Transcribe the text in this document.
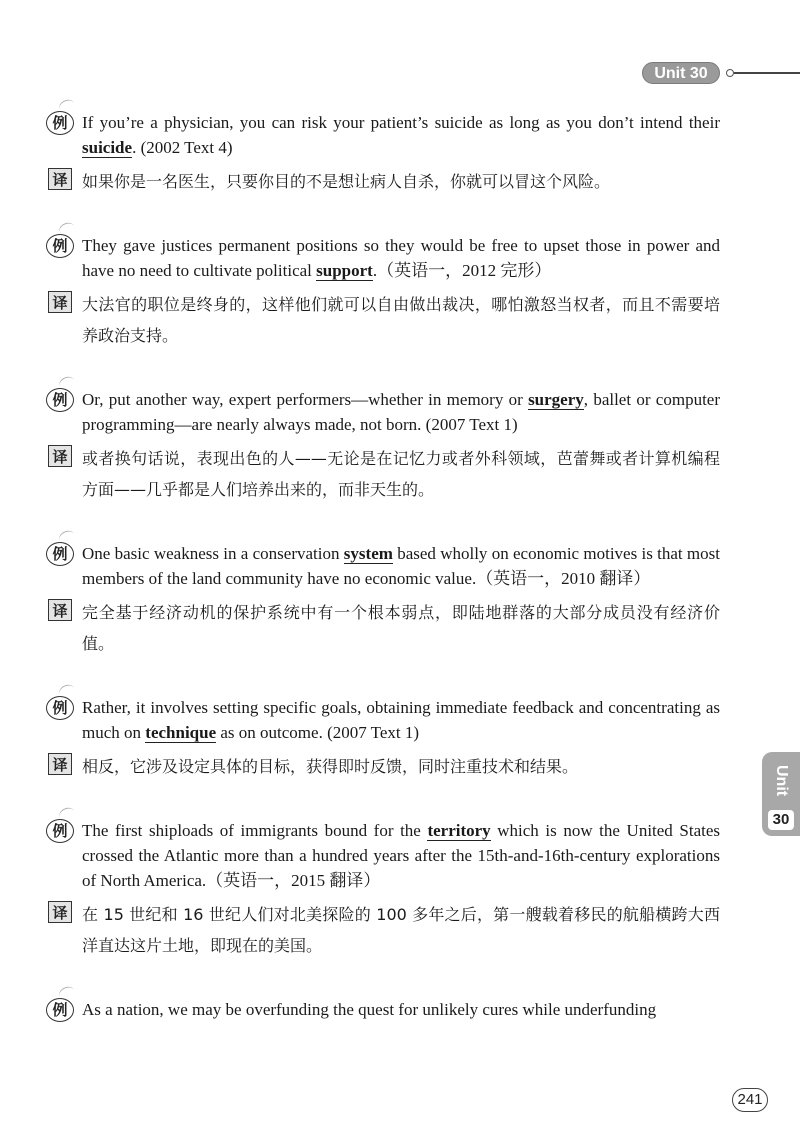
Unit 30
Unit
30
例 If you’re a physician, you can risk your patient’s suicide as long as you don’t intend their suicide. (2002 Text 4)
译 如果你是一名医生，只要你目的不是想让病人自杀，你就可以冒这个风险。
例 They gave justices permanent positions so they would be free to upset those in power and have no need to cultivate political support.（英语一，2012 完形）
译 大法官的职位是终身的，这样他们就可以自由做出裁决，哪怕激怒当权者，而且不需要培养政治支持。
例 Or, put another way, expert performers—whether in memory or surgery, ballet or computer programming—are nearly always made, not born. (2007 Text 1)
译 或者换句话说，表现出色的人——无论是在记忆力或者外科领域，芭蕾舞或者计算机编程方面——几乎都是人们培养出来的，而非天生的。
例 One basic weakness in a conservation system based wholly on economic motives is that most members of the land community have no economic value.（英语一，2010 翻译）
译 完全基于经济动机的保护系统中有一个根本弱点，即陆地群落的大部分成员没有经济价值。
例 Rather, it involves setting specific goals, obtaining immediate feedback and concentrating as much on technique as on outcome. (2007 Text 1)
译 相反，它涉及设定具体的目标，获得即时反馈，同时注重技术和结果。
例 The first shiploads of immigrants bound for the territory which is now the United States crossed the Atlantic more than a hundred years after the 15th-and-16th-century explorations of North America.（英语一，2015 翻译）
译 在 15 世纪和 16 世纪人们对北美探险的 100 多年之后，第一艘载着移民的航船横跨大西洋直达这片土地，即现在的美国。
例 As a nation, we may be overfunding the quest for unlikely cures while underfunding
241
